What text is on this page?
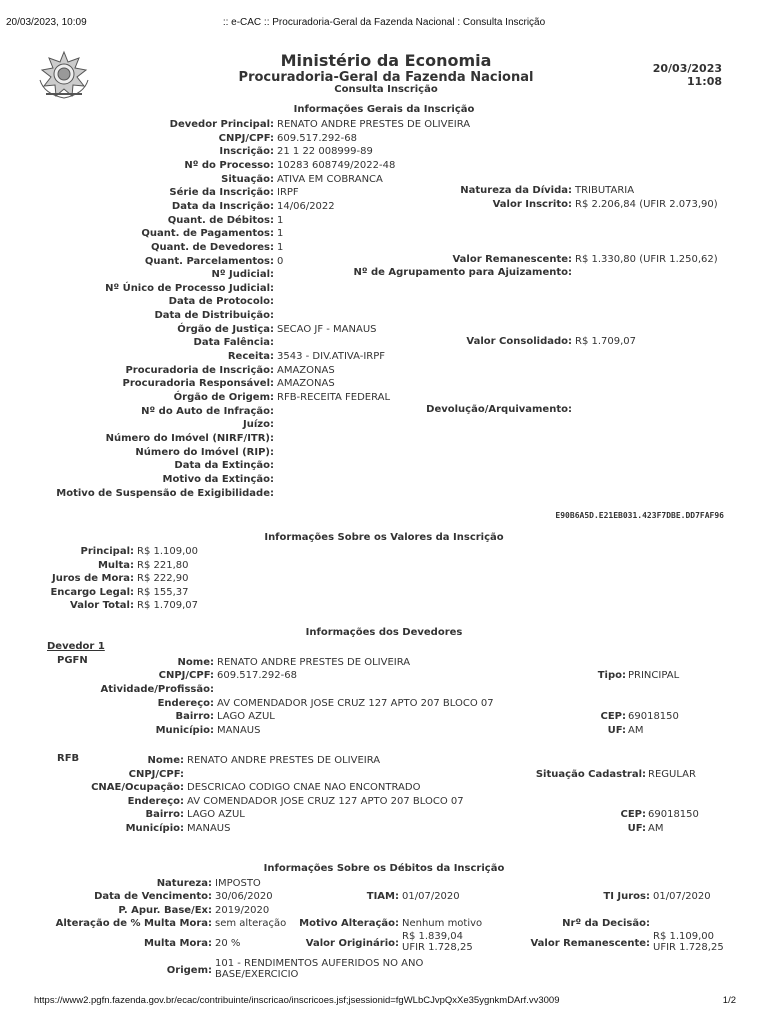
20/03/2023, 10:09	:: e-CAC :: Procuradoria-Geral da Fazenda Nacional : Consulta Inscrição
Ministério da Economia
Procuradoria-Geral da Fazenda Nacional
Consulta Inscrição
20/03/2023
11:08
Informações Gerais da Inscrição
Devedor Principal: RENATO ANDRE PRESTES DE OLIVEIRA
CNPJ/CPF: 609.517.292-68
Inscrição: 21 1 22 008999-89
Nº do Processo: 10283 608749/2022-48
Situação: ATIVA EM COBRANCA
Série da Inscrição: IRPF
Data da Inscrição: 14/06/2022
Quant. de Débitos: 1
Quant. de Pagamentos: 1
Quant. de Devedores: 1
Quant. Parcelamentos: 0
Nº Judicial:
Nº Único de Processo Judicial:
Data de Protocolo:
Data de Distribuição:
Órgão de Justiça: SECAO JF - MANAUS
Data Falência:
Receita: 3543 - DIV.ATIVA-IRPF
Procuradoria de Inscrição: AMAZONAS
Procuradoria Responsável: AMAZONAS
Órgão de Origem: RFB-RECEITA FEDERAL
Nº do Auto de Infração:
Juízo:
Número do Imóvel (NIRF/ITR):
Número do Imóvel (RIP):
Data da Extinção:
Motivo da Extinção:
Motivo de Suspensão de Exigibilidade:
Natureza da Dívida: TRIBUTARIA
Valor Inscrito: R$ 2.206,84 (UFIR 2.073,90)
Valor Remanescente: R$ 1.330,80 (UFIR 1.250,62)
Nº de Agrupamento para Ajuizamento:
Valor Consolidado: R$ 1.709,07
Devolução/Arquivamento:
E90B6A5D.E21EB031.423F7DBE.DD7FAF96
Informações Sobre os Valores da Inscrição
Principal: R$ 1.109,00
Multa: R$ 221,80
Juros de Mora: R$ 222,90
Encargo Legal: R$ 155,37
Valor Total: R$ 1.709,07
Informações dos Devedores
Devedor 1
PGFN	Nome: RENATO ANDRE PRESTES DE OLIVEIRA
CNPJ/CPF: 609.517.292-68	Tipo: PRINCIPAL
Atividade/Profissão:
Endereço: AV COMENDADOR JOSE CRUZ 127 APTO 207 BLOCO 07
Bairro: LAGO AZUL	CEP: 69018150
Município: MANAUS	UF: AM
RFB	Nome: RENATO ANDRE PRESTES DE OLIVEIRA
CNPJ/CPF:	Situação Cadastral: REGULAR
CNAE/Ocupação: DESCRICAO CODIGO CNAE NAO ENCONTRADO
Endereço: AV COMENDADOR JOSE CRUZ 127 APTO 207 BLOCO 07
Bairro: LAGO AZUL	CEP: 69018150
Município: MANAUS	UF: AM
Informações Sobre os Débitos da Inscrição
Natureza: IMPOSTO
Data de Vencimento: 30/06/2020	TIAM: 01/07/2020	TI Juros: 01/07/2020
P. Apur. Base/Ex: 2019/2020
Alteração de % Multa Mora: sem alteração Motivo Alteração: Nenhum motivo	Nrº da Decisão:
Multa Mora: 20 %	Valor Originário:
R$ 1.839,04
UFIR 1.728,25	Valor Remanescente:
R$ 1.109,00
UFIR 1.728,25
Origem:
101 - RENDIMENTOS AUFERIDOS NO ANO
BASE/EXERCICIO
https://www2.pgfn.fazenda.gov.br/ecac/contribuinte/inscricao/inscricoes.jsf;jsessionid=fgWLbCJvpQxXe35ygnkmDArf.vv3009	1/2
